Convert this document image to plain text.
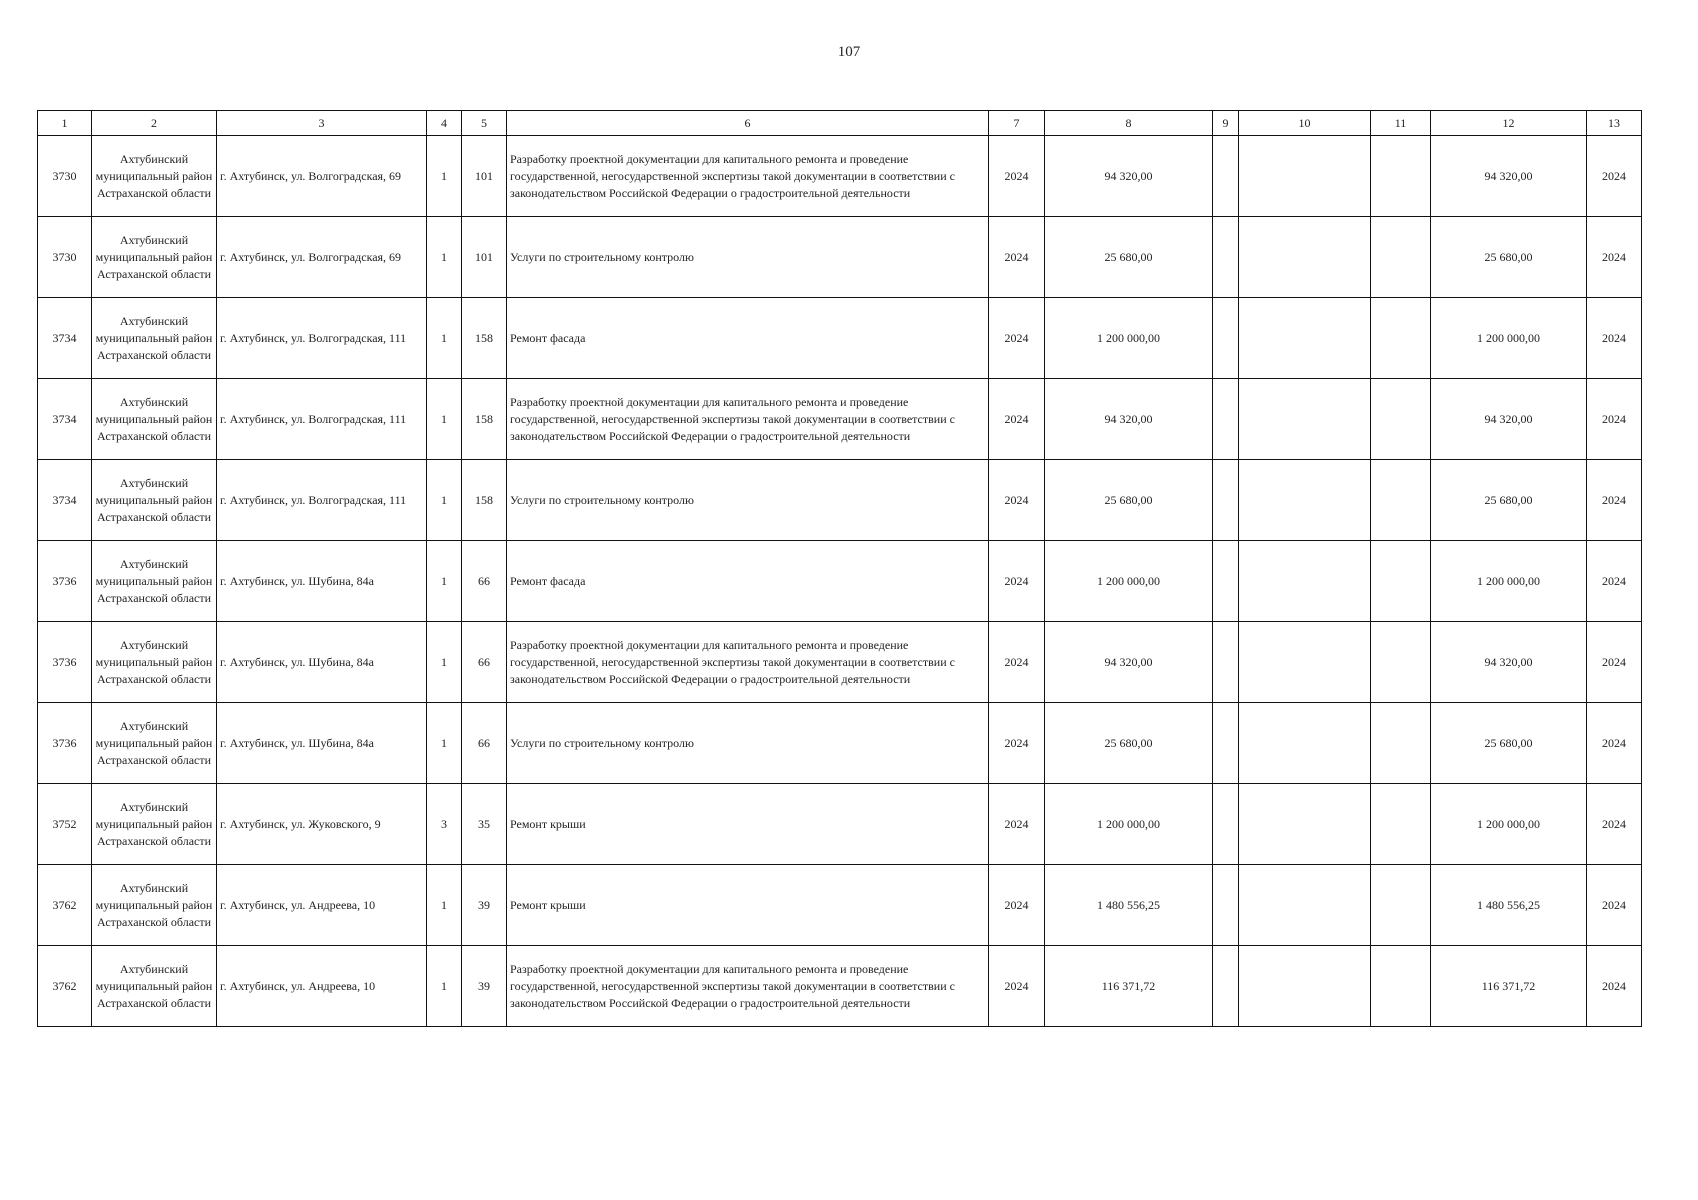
107
1	2	3	4	5	6	7	8	9	10	11	12	13
3730	Ахтубинский муниципальный район Астраханской области	г. Ахтубинск, ул. Волгоградская, 69	1	101	Разработку проектной документации для капитального ремонта и проведение государственной, негосударственной экспертизы такой документации в соответствии с законодательством Российской Федерации о градостроительной деятельности	2024	94 320,00				94 320,00	2024
3730	Ахтубинский муниципальный район Астраханской области	г. Ахтубинск, ул. Волгоградская, 69	1	101	Услуги по строительному контролю	2024	25 680,00				25 680,00	2024
3734	Ахтубинский муниципальный район Астраханской области	г. Ахтубинск, ул. Волгоградская, 111	1	158	Ремонт фасада	2024	1 200 000,00				1 200 000,00	2024
3734	Ахтубинский муниципальный район Астраханской области	г. Ахтубинск, ул. Волгоградская, 111	1	158	Разработку проектной документации для капитального ремонта и проведение государственной, негосударственной экспертизы такой документации в соответствии с законодательством Российской Федерации о градостроительной деятельности	2024	94 320,00				94 320,00	2024
3734	Ахтубинский муниципальный район Астраханской области	г. Ахтубинск, ул. Волгоградская, 111	1	158	Услуги по строительному контролю	2024	25 680,00				25 680,00	2024
3736	Ахтубинский муниципальный район Астраханской области	г. Ахтубинск, ул. Шубина, 84а	1	66	Ремонт фасада	2024	1 200 000,00				1 200 000,00	2024
3736	Ахтубинский муниципальный район Астраханской области	г. Ахтубинск, ул. Шубина, 84а	1	66	Разработку проектной документации для капитального ремонта и проведение государственной, негосударственной экспертизы такой документации в соответствии с законодательством Российской Федерации о градостроительной деятельности	2024	94 320,00				94 320,00	2024
3736	Ахтубинский муниципальный район Астраханской области	г. Ахтубинск, ул. Шубина, 84а	1	66	Услуги по строительному контролю	2024	25 680,00				25 680,00	2024
3752	Ахтубинский муниципальный район Астраханской области	г. Ахтубинск, ул. Жуковского, 9	3	35	Ремонт крыши	2024	1 200 000,00				1 200 000,00	2024
3762	Ахтубинский муниципальный район Астраханской области	г. Ахтубинск, ул. Андреева, 10	1	39	Ремонт крыши	2024	1 480 556,25				1 480 556,25	2024
3762	Ахтубинский муниципальный район Астраханской области	г. Ахтубинск, ул. Андреева, 10	1	39	Разработку проектной документации для капитального ремонта и проведение государственной, негосударственной экспертизы такой документации в соответствии с законодательством Российской Федерации о градостроительной деятельности	2024	116 371,72				116 371,72	2024
